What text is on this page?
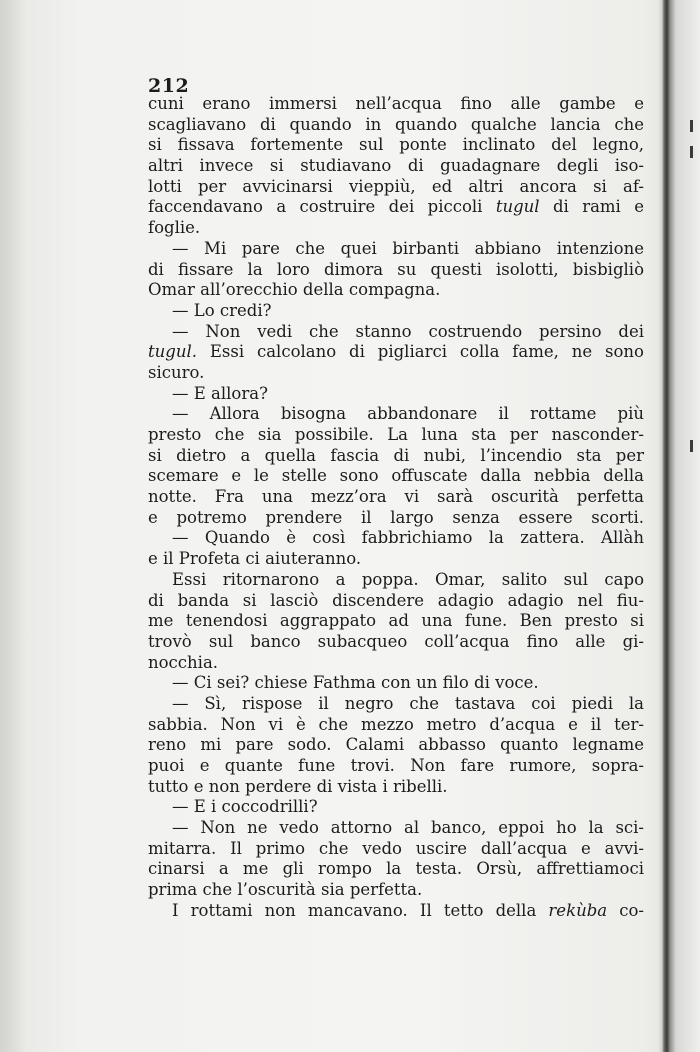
212
cuni erano immersi nell’acqua fino alle gambe e
scagliavano di quando in quando qualche lancia che
si fissava fortemente sul ponte inclinato del legno,
altri invece si studiavano di guadagnare degli iso-
lotti per avvicinarsi vieppiù, ed altri ancora si af-
faccendavano a costruire dei piccoli tugul di rami e
foglie.
— Mi pare che quei birbanti abbiano intenzione
di fissare la loro dimora su questi isolotti, bisbigliò
Omar all’orecchio della compagna.
— Lo credi?
— Non vedi che stanno costruendo persino dei
tugul. Essi calcolano di pigliarci colla fame, ne sono
sicuro.
— E allora?
— Allora bisogna abbandonare il rottame più
presto che sia possibile. La luna sta per nasconder-
si dietro a quella fascia di nubi, l’incendio sta per
scemare e le stelle sono offuscate dalla nebbia della
notte. Fra una mezz’ora vi sarà oscurità perfetta
e potremo prendere il largo senza essere scorti.
— Quando è così fabbrichiamo la zattera. Allàh
e il Profeta ci aiuteranno.
Essi ritornarono a poppa. Omar, salito sul capo
di banda si lasciò discendere adagio adagio nel fiu-
me tenendosi aggrappato ad una fune. Ben presto si
trovò sul banco subacqueo coll’acqua fino alle gi-
nocchia.
— Ci sei? chiese Fathma con un filo di voce.
— Sì, rispose il negro che tastava coi piedi la
sabbia. Non vi è che mezzo metro d’acqua e il ter-
reno mi pare sodo. Calami abbasso quanto legname
puoi e quante fune trovi. Non fare rumore, sopra-
tutto e non perdere di vista i ribelli.
— E i coccodrilli?
— Non ne vedo attorno al banco, eppoi ho la sci-
mitarra. Il primo che vedo uscire dall’acqua e avvi-
cinarsi a me gli rompo la testa. Orsù, affrettiamoci
prima che l’oscurità sia perfetta.
I rottami non mancavano. Il tetto della rekùba co-
